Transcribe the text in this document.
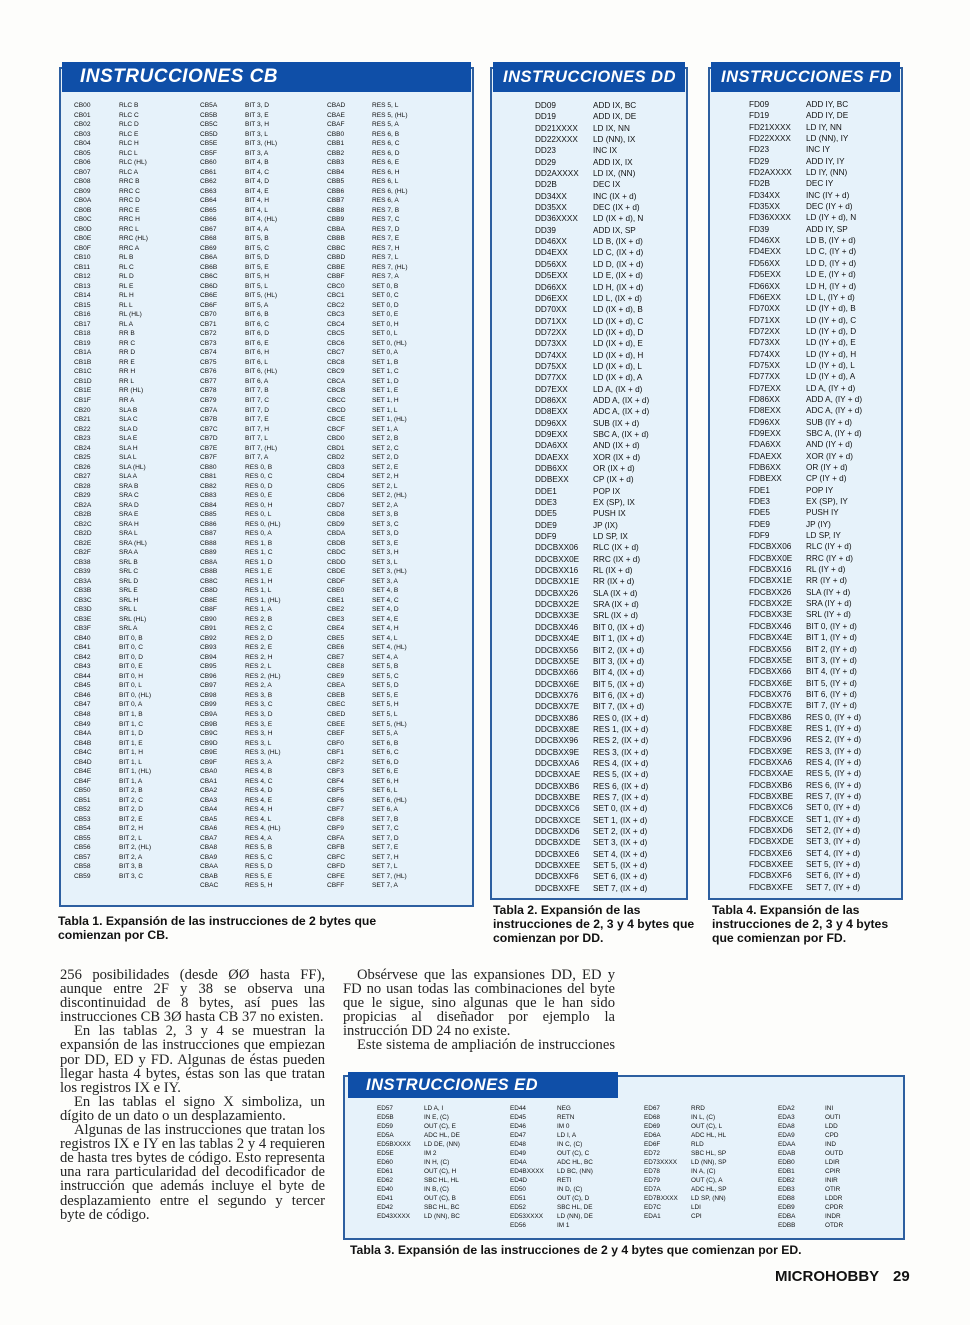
INSTRUCCIONES CB
CB00	RLC B
CB01	RLC C
CB02	RLC D
CB03	RLC E
CB04	RLC H
CB05	RLC L
CB06	RLC (HL)
CB07	RLC A
CB08	RRC B
CB09	RRC C
CB0A	RRC D
CB0B	RRC E
CB0C	RRC H
CB0D	RRC L
CB0E	RRC (HL)
CB0F	RRC A
CB10	RL B
CB11	RL C
CB12	RL D
CB13	RL E
CB14	RL H
CB15	RL L
CB16	RL (HL)
CB17	RL A
CB18	RR B
CB19	RR C
CB1A	RR D
CB1B	RR E
CB1C	RR H
CB1D	RR L
CB1E	RR (HL)
CB1F	RR A
CB20	SLA B
CB21	SLA C
CB22	SLA D
CB23	SLA E
CB24	SLA H
CB25	SLA L
CB26	SLA (HL)
CB27	SLA A
CB28	SRA B
CB29	SRA C
CB2A	SRA D
CB2B	SRA E
CB2C	SRA H
CB2D	SRA L
CB2E	SRA (HL)
CB2F	SRA A
CB38	SRL B
CB39	SRL C
CB3A	SRL D
CB3B	SRL E
CB3C	SRL H
CB3D	SRL L
CB3E	SRL (HL)
CB3F	SRL A
CB40	BIT 0, B
CB41	BIT 0, C
CB42	BIT 0, D
CB43	BIT 0, E
CB44	BIT 0, H
CB45	BIT 0, L
CB46	BIT 0, (HL)
CB47	BIT 0, A
CB48	BIT 1, B
CB49	BIT 1, C
CB4A	BIT 1, D
CB4B	BIT 1, E
CB4C	BIT 1, H
CB4D	BIT 1, L
CB4E	BIT 1, (HL)
CB4F	BIT 1, A
CB50	BIT 2, B
CB51	BIT 2, C
CB52	BIT 2, D
CB53	BIT 2, E
CB54	BIT 2, H
CB55	BIT 2, L
CB56	BIT 2, (HL)
CB57	BIT 2, A
CB58	BIT 3, B
CB59	BIT 3, C
CB5A	BIT 3, D
CB5B	BIT 3, E
CB5C	BIT 3, H
CB5D	BIT 3, L
CB5E	BIT 3, (HL)
CB5F	BIT 3, A
CB60	BIT 4, B
CB61	BIT 4, C
CB62	BIT 4, D
CB63	BIT 4, E
CB64	BIT 4, H
CB65	BIT 4, L
CB66	BIT 4, (HL)
CB67	BIT 4, A
CB68	BIT 5, B
CB69	BIT 5, C
CB6A	BIT 5, D
CB6B	BIT 5, E
CB6C	BIT 5, H
CB6D	BIT 5, L
CB6E	BIT 5, (HL)
CB6F	BIT 5, A
CB70	BIT 6, B
CB71	BIT 6, C
CB72	BIT 6, D
CB73	BIT 6, E
CB74	BIT 6, H
CB75	BIT 6, L
CB76	BIT 6, (HL)
CB77	BIT 6, A
CB78	BIT 7, B
CB79	BIT 7, C
CB7A	BIT 7, D
CB7B	BIT 7, E
CB7C	BIT 7, H
CB7D	BIT 7, L
CB7E	BIT 7, (HL)
CB7F	BIT 7, A
CB80	RES 0, B
CB81	RES 0, C
CB82	RES 0, D
CB83	RES 0, E
CB84	RES 0, H
CB85	RES 0, L
CB86	RES 0, (HL)
CB87	RES 0, A
CB88	RES 1, B
CB89	RES 1, C
CB8A	RES 1, D
CB8B	RES 1, E
CB8C	RES 1, H
CB8D	RES 1, L
CB8E	RES 1, (HL)
CB8F	RES 1, A
CB90	RES 2, B
CB91	RES 2, C
CB92	RES 2, D
CB93	RES 2, E
CB94	RES 2, H
CB95	RES 2, L
CB96	RES 2, (HL)
CB97	RES 2, A
CB98	RES 3, B
CB99	RES 3, C
CB9A	RES 3, D
CB9B	RES 3, E
CB9C	RES 3, H
CB9D	RES 3, L
CB9E	RES 3, (HL)
CB9F	RES 3, A
CBA0	RES 4, B
CBA1	RES 4, C
CBA2	RES 4, D
CBA3	RES 4, E
CBA4	RES 4, H
CBA5	RES 4, L
CBA6	RES 4, (HL)
CBA7	RES 4, A
CBA8	RES 5, B
CBA9	RES 5, C
CBAA	RES 5, D
CBAB	RES 5, E
CBAC	RES 5, H
CBAD	RES 5, L
CBAE	RES 5, (HL)
CBAF	RES 5, A
CBB0	RES 6, B
CBB1	RES 6, C
CBB2	RES 6, D
CBB3	RES 6, E
CBB4	RES 6, H
CBB5	RES 6, L
CBB6	RES 6, (HL)
CBB7	RES 6, A
CBB8	RES 7, B
CBB9	RES 7, C
CBBA	RES 7, D
CBBB	RES 7, E
CBBC	RES 7, H
CBBD	RES 7, L
CBBE	RES 7, (HL)
CBBF	RES 7, A
CBC0	SET 0, B
CBC1	SET 0, C
CBC2	SET 0, D
CBC3	SET 0, E
CBC4	SET 0, H
CBC5	SET 0, L
CBC6	SET 0, (HL)
CBC7	SET 0, A
CBC8	SET 1, B
CBC9	SET 1, C
CBCA	SET 1, D
CBCB	SET 1, E
CBCC	SET 1, H
CBCD	SET 1, L
CBCE	SET 1, (HL)
CBCF	SET 1, A
CBD0	SET 2, B
CBD1	SET 2, C
CBD2	SET 2, D
CBD3	SET 2, E
CBD4	SET 2, H
CBD5	SET 2, L
CBD6	SET 2, (HL)
CBD7	SET 2, A
CBD8	SET 3, B
CBD9	SET 3, C
CBDA	SET 3, D
CBDB	SET 3, E
CBDC	SET 3, H
CBDD	SET 3, L
CBDE	SET 3, (HL)
CBDF	SET 3, A
CBE0	SET 4, B
CBE1	SET 4, C
CBE2	SET 4, D
CBE3	SET 4, E
CBE4	SET 4, H
CBE5	SET 4, L
CBE6	SET 4, (HL)
CBE7	SET 4, A
CBE8	SET 5, B
CBE9	SET 5, C
CBEA	SET 5, D
CBEB	SET 5, E
CBEC	SET 5, H
CBED	SET 5, L
CBEE	SET 5, (HL)
CBEF	SET 5, A
CBF0	SET 6, B
CBF1	SET 6, C
CBF2	SET 6, D
CBF3	SET 6, E
CBF4	SET 6, H
CBF5	SET 6, L
CBF6	SET 6, (HL)
CBF7	SET 6, A
CBF8	SET 7, B
CBF9	SET 7, C
CBFA	SET 7, D
CBFB	SET 7, E
CBFC	SET 7, H
CBFD	SET 7, L
CBFE	SET 7, (HL)
CBFF	SET 7, A
Tabla 1. Expansión de las instrucciones de 2 bytes que comienzan por CB.
INSTRUCCIONES DD
DD09	ADD IX, BC
DD19	ADD IX, DE
DD21XXXX	LD IX, NN
DD22XXXX	LD (NN), IX
DD23	INC IX
DD29	ADD IX, IX
DD2AXXXX	LD IX, (NN)
DD2B	DEC IX
DD34XX	INC (IX + d)
DD35XX	DEC (IX + d)
DD36XXXX	LD (IX + d), N
DD39	ADD IX, SP
DD46XX	LD B, (IX + d)
DD4EXX	LD C, (IX + d)
DD56XX	LD D, (IX + d)
DD5EXX	LD E, (IX + d)
DD66XX	LD H, (IX + d)
DD6EXX	LD L, (IX + d)
DD70XX	LD (IX + d), B
DD71XX	LD (IX + d), C
DD72XX	LD (IX + d), D
DD73XX	LD (IX + d), E
DD74XX	LD (IX + d), H
DD75XX	LD (IX + d), L
DD77XX	LD (IX + d), A
DD7EXX	LD A, (IX + d)
DD86XX	ADD A, (IX + d)
DD8EXX	ADC A, (IX + d)
DD96XX	SUB (IX + d)
DD9EXX	SBC A, (IX + d)
DDA6XX	AND (IX + d)
DDAEXX	XOR (IX + d)
DDB6XX	OR (IX + d)
DDBEXX	CP (IX + d)
DDE1	POP IX
DDE3	EX (SP), IX
DDE5	PUSH IX
DDE9	JP (IX)
DDF9	LD SP, IX
DDCBXX06	RLC (IX + d)
DDCBXX0E	RRC (IX + d)
DDCBXX16	RL (IX + d)
DDCBXX1E	RR (IX + d)
DDCBXX26	SLA (IX + d)
DDCBXX2E	SRA (IX + d)
DDCBXX3E	SRL (IX + d)
DDCBXX46	BIT 0, (IX + d)
DDCBXX4E	BIT 1, (IX + d)
DDCBXX56	BIT 2, (IX + d)
DDCBXX5E	BIT 3, (IX + d)
DDCBXX66	BIT 4, (IX + d)
DDCBXX6E	BIT 5, (IX + d)
DDCBXX76	BIT 6, (IX + d)
DDCBXX7E	BIT 7, (IX + d)
DDCBXX86	RES 0, (IX + d)
DDCBXX8E	RES 1, (IX + d)
DDCBXX96	RES 2, (IX + d)
DDCBXX9E	RES 3, (IX + d)
DDCBXXA6	RES 4, (IX + d)
DDCBXXAE	RES 5, (IX + d)
DDCBXXB6	RES 6, (IX + d)
DDCBXXBE	RES 7, (IX + d)
DDCBXXC6	SET 0, (IX + d)
DDCBXXCE	SET 1, (IX + d)
DDCBXXD6	SET 2, (IX + d)
DDCBXXDE	SET 3, (IX + d)
DDCBXXE6	SET 4, (IX + d)
DDCBXXEE	SET 5, (IX + d)
DDCBXXF6	SET 6, (IX + d)
DDCBXXFE	SET 7, (IX + d)
Tabla 2. Expansión de las instrucciones de 2, 3 y 4 bytes que comienzan por DD.
INSTRUCCIONES FD
FD09	ADD IY, BC
FD19	ADD IY, DE
FD21XXXX	LD IY, NN
FD22XXXX	LD (NN), IY
FD23	INC IY
FD29	ADD IY, IY
FD2AXXXX	LD IY, (NN)
FD2B	DEC IY
FD34XX	INC (IY + d)
FD35XX	DEC (IY + d)
FD36XXXX	LD (IY + d), N
FD39	ADD IY, SP
FD46XX	LD B, (IY + d)
FD4EXX	LD C, (IY + d)
FD56XX	LD D, (IY + d)
FD5EXX	LD E, (IY + d)
FD66XX	LD H, (IY + d)
FD6EXX	LD L, (IY + d)
FD70XX	LD (IY + d), B
FD71XX	LD (IY + d), C
FD72XX	LD (IY + d), D
FD73XX	LD (IY + d), E
FD74XX	LD (IY + d), H
FD75XX	LD (IY + d), L
FD77XX	LD (IY + d), A
FD7EXX	LD A, (IY + d)
FD86XX	ADD A, (IY + d)
FD8EXX	ADC A, (IY + d)
FD96XX	SUB (IY + d)
FD9EXX	SBC A, (IY + d)
FDA6XX	AND (IY + d)
FDAEXX	XOR (IY + d)
FDB6XX	OR (IY + d)
FDBEXX	CP (IY + d)
FDE1	POP IY
FDE3	EX (SP), IY
FDE5	PUSH IY
FDE9	JP (IY)
FDF9	LD SP, IY
FDCBXX06	RLC (IY + d)
FDCBXX0E	RRC (IY + d)
FDCBXX16	RL (IY + d)
FDCBXX1E	RR (IY + d)
FDCBXX26	SLA (IY + d)
FDCBXX2E	SRA (IY + d)
FDCBXX3E	SRL (IY + d)
FDCBXX46	BIT 0, (IY + d)
FDCBXX4E	BIT 1, (IY + d)
FDCBXX56	BIT 2, (IY + d)
FDCBXX5E	BIT 3, (IY + d)
FDCBXX66	BIT 4, (IY + d)
FDCBXX6E	BIT 5, (IY + d)
FDCBXX76	BIT 6, (IY + d)
FDCBXX7E	BIT 7, (IY + d)
FDCBXX86	RES 0, (IY + d)
FDCBXX8E	RES 1, (IY + d)
FDCBXX96	RES 2, (IY + d)
FDCBXX9E	RES 3, (IY + d)
FDCBXXA6	RES 4, (IY + d)
FDCBXXAE	RES 5, (IY + d)
FDCBXXB6	RES 6, (IY + d)
FDCBXXBE	RES 7, (IY + d)
FDCBXXC6	SET 0, (IY + d)
FDCBXXCE	SET 1, (IY + d)
FDCBXXD6	SET 2, (IY + d)
FDCBXXDE	SET 3, (IY + d)
FDCBXXE6	SET 4, (IY + d)
FDCBXXEE	SET 5, (IY + d)
FDCBXXF6	SET 6, (IY + d)
FDCBXXFE	SET 7, (IY + d)
Tabla 4. Expansión de las instrucciones de 2, 3 y 4 bytes que comienzan por FD.

256 posibilidades (desde ØØ hasta FF), aunque entre 2F y 38 se observa una discontinuidad de 8 bytes, así pues las instrucciones CB 3Ø hasta CB 37 no existen.

En las tablas 2, 3 y 4 se muestran la expansión de las instrucciones que empiezan por DD, ED y FD. Algunas de éstas pueden llegar hasta 4 bytes, éstas son las que tratan los registros IX e IY.

En las tablas el signo X simboliza, un dígito de un dato o un desplazamiento.

Algunas de las instrucciones que tratan los registros IX e IY en las tablas 2 y 4 requieren de hasta tres bytes de código. Esto representa una rara particularidad del decodificador de instrucción que además incluye el byte de desplazamiento entre el segundo y tercer byte de código.

Obsérvese que las expansiones DD, ED y FD no usan todas las combinaciones del byte que le sigue, sino algunas que le han sido propicias al diseñador por ejemplo la instrucción DD 24 no existe.

Este sistema de ampliación de instrucciones

INSTRUCCIONES ED
ED57	LD A, I
ED5B	IN E, (C)
ED59	OUT (C), E
ED5A	ADC HL, DE
ED5BXXXX	LD DE, (NN)
ED5E	IM 2
ED60	IN H, (C)
ED61	OUT (C), H
ED62	SBC HL, HL
ED40	IN B, (C)
ED41	OUT (C), B
ED42	SBC HL, BC
ED43XXXX	LD (NN), BC
ED44	NEG
ED45	RETN
ED46	IM 0
ED47	LD I, A
ED48	IN C, (C)
ED49	OUT (C), C
ED4A	ADC HL, BC
ED4BXXXX	LD BC, (NN)
ED4D	RETI
ED50	IN D, (C)
ED51	OUT (C), D
ED52	SBC HL, DE
ED53XXXX	LD (NN), DE
ED56	IM 1
ED67	RRD
ED68	IN L, (C)
ED69	OUT (C), L
ED6A	ADC HL, HL
ED6F	RLD
ED72	SBC HL, SP
ED73XXXX	LD (NN), SP
ED78	IN A, (C)
ED79	OUT (C), A
ED7A	ADC HL, SP
ED7BXXXX	LD SP, (NN)
ED7C	LDI
EDA1	CPI
EDA2	INI
EDA3	OUTI
EDA8	LDD
EDA9	CPD
EDAA	IND
EDAB	OUTD
EDB0	LDIR
EDB1	CPIR
EDB2	INIR
EDB3	OTIR
EDB8	LDDR
EDB9	CPDR
EDBA	INDR
EDBB	OTDR
Tabla 3. Expansión de las instrucciones de 2 y 4 bytes que comienzan por ED.
MICROHOBBY 29
